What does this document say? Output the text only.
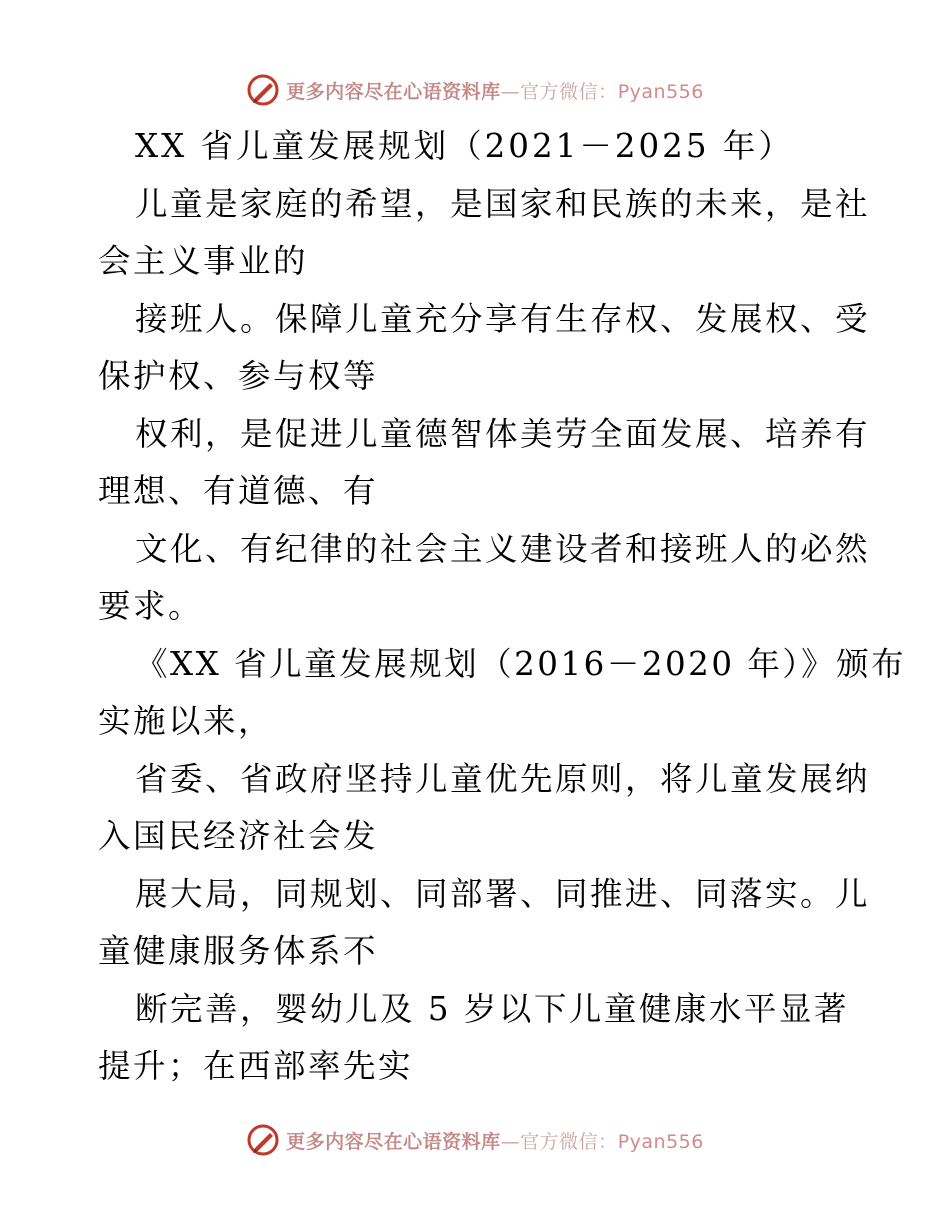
更多内容尽在心语资料库—官方微信：Pyan556
XX 省儿童发展规划（2021－2025 年）
儿童是家庭的希望，是国家和民族的未来，是社
会主义事业的
接班人。保障儿童充分享有生存权、发展权、受
保护权、参与权等
权利，是促进儿童德智体美劳全面发展、培养有
理想、有道德、有
文化、有纪律的社会主义建设者和接班人的必然
要求。
《XX 省儿童发展规划（2016－2020 年）》颁布
实施以来，
省委、省政府坚持儿童优先原则，将儿童发展纳
入国民经济社会发
展大局，同规划、同部署、同推进、同落实。儿
童健康服务体系不
断完善，婴幼儿及 5 岁以下儿童健康水平显著
提升；在西部率先实
更多内容尽在心语资料库—官方微信：Pyan556
